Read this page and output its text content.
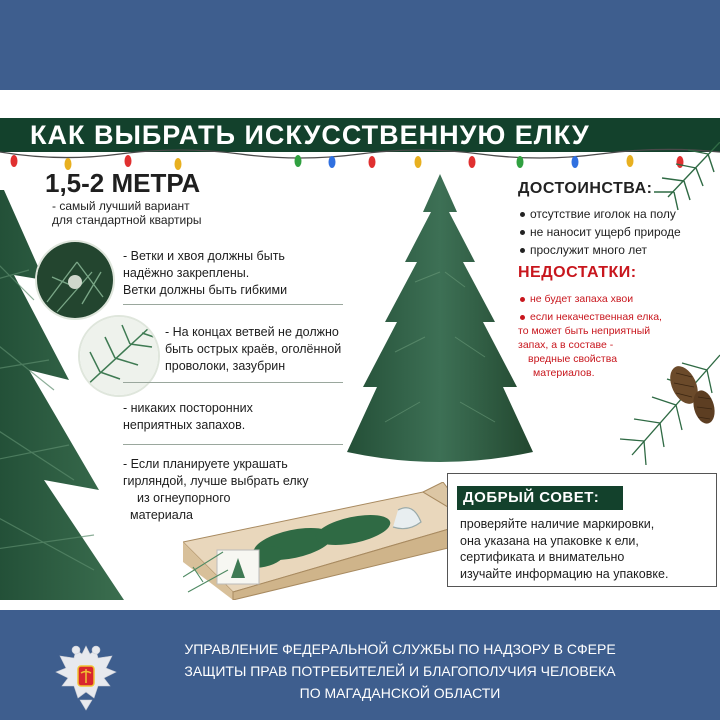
КАК ВЫБРАТЬ ИСКУССТВЕННУЮ ЕЛКУ
1,5-2 МЕТРА
- самый лучший вариант
для стандартной квартиры
- Ветки и хвоя должны быть
надёжно закреплены.
Ветки должны быть гибкими
- На концах ветвей не должно
быть острых краёв, оголённой
проволоки, зазубрин
- никаких посторонних
неприятных запахов.
- Если планируете украшать
гирляндой, лучше выбрать елку
из огнеупорного
материала
ДОСТОИНСТВА:
отсутствие иголок на полу
не наносит ущерб природе
прослужит много лет
НЕДОСТАТКИ:
не будет запаха хвои
если некачественная елка,
то может быть неприятный
запах, а в составе -
вредные свойства
материалов.
ДОБРЫЙ СОВЕТ:
проверяйте наличие маркировки,
она указана на упаковке к ели,
сертификата и внимательно
изучайте информацию на упаковке.
УПРАВЛЕНИЕ ФЕДЕРАЛЬНОЙ СЛУЖБЫ ПО НАДЗОРУ В СФЕРЕ
ЗАЩИТЫ ПРАВ ПОТРЕБИТЕЛЕЙ И БЛАГОПОЛУЧИЯ ЧЕЛОВЕКА
ПО МАГАДАНСКОЙ ОБЛАСТИ
